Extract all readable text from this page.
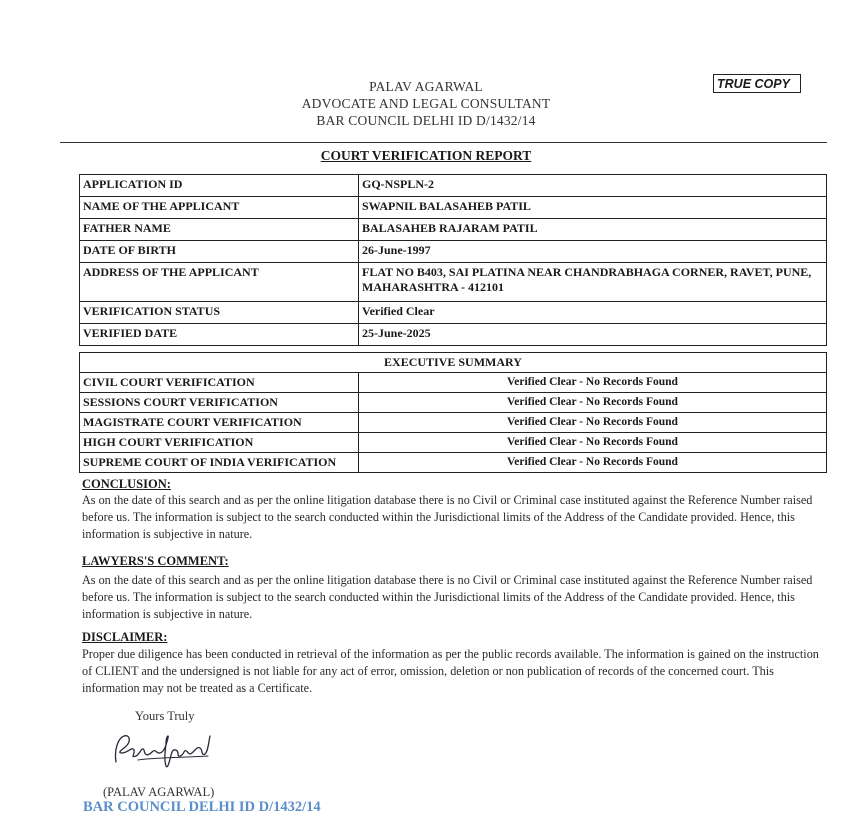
PALAV AGARWAL
ADVOCATE AND LEGAL CONSULTANT
BAR COUNCIL DELHI ID D/1432/14
TRUE COPY
COURT VERIFICATION REPORT
APPLICATION ID	GQ-NSPLN-2
NAME OF THE APPLICANT	SWAPNIL BALASAHEB PATIL
FATHER NAME	BALASAHEB RAJARAM PATIL
DATE OF BIRTH	26-June-1997
ADDRESS OF THE APPLICANT	FLAT NO B403, SAI PLATINA NEAR CHANDRABHAGA CORNER, RAVET, PUNE, MAHARASHTRA - 412101
VERIFICATION STATUS	Verified Clear
VERIFIED DATE	25-June-2025
EXECUTIVE SUMMARY	
CIVIL COURT VERIFICATION	Verified Clear - No Records Found
SESSIONS COURT VERIFICATION	Verified Clear - No Records Found
MAGISTRATE COURT VERIFICATION	Verified Clear - No Records Found
HIGH COURT VERIFICATION	Verified Clear - No Records Found
SUPREME COURT OF INDIA VERIFICATION	Verified Clear - No Records Found
CONCLUSION:
As on the date of this search and as per the online litigation database there is no Civil or Criminal case instituted against the Reference Number raised before us. The information is subject to the search conducted within the Jurisdictional limits of the Address of the Candidate provided. Hence, this information is subjective in nature.
LAWYERS'S COMMENT:
As on the date of this search and as per the online litigation database there is no Civil or Criminal case instituted against the Reference Number raised before us. The information is subject to the search conducted within the Jurisdictional limits of the Address of the Candidate provided. Hence, this information is subjective in nature.
DISCLAIMER:
Proper due diligence has been conducted in retrieval of the information as per the public records available. The information is gained on the instruction of CLIENT and the undersigned is not liable for any act of error, omission, deletion or non publication of records of the concerned court. This information may not be treated as a Certificate.
Yours Truly
(PALAV AGARWAL)
BAR COUNCIL DELHI ID D/1432/14
